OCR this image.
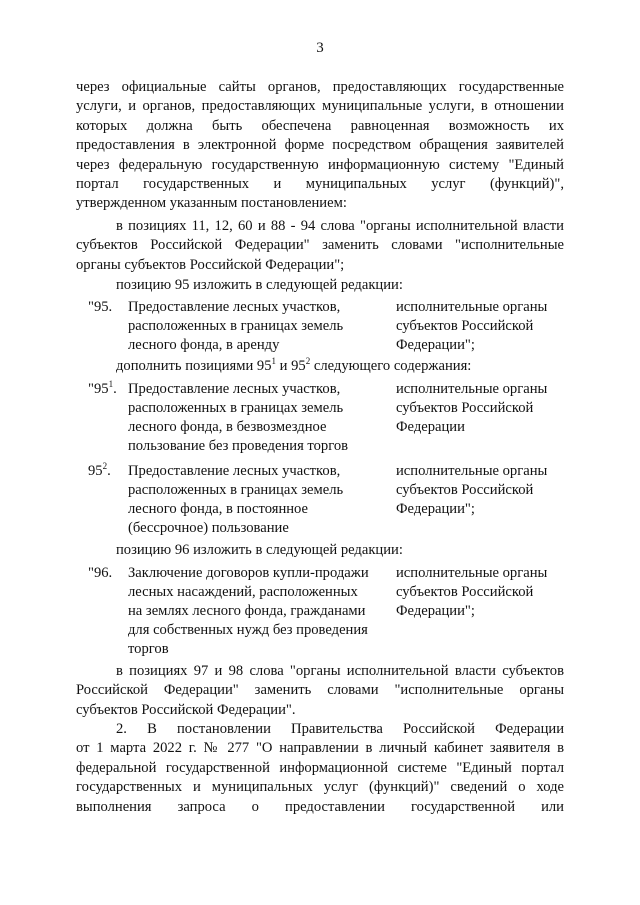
3
через официальные сайты органов, предоставляющих государственные
услуги, и органов, предоставляющих муниципальные услуги, в отношении
которых должна быть обеспечена равноценная возможность их
предоставления в электронной форме посредством обращения заявителей
через федеральную государственную информационную систему "Единый
портал государственных и муниципальных услуг (функций)",
утвержденном указанным постановлением:
в позициях 11, 12, 60 и 88 - 94 слова "органы исполнительной власти
субъектов Российской Федерации" заменить словами "исполнительные
органы субъектов Российской Федерации";
позицию 95 изложить в следующей редакции:
"95. Предоставление лесных участков,
расположенных в границах земель
лесного фонда, в аренду
исполнительные органы
субъектов Российской
Федерации";
дополнить позициями $95^1$ и $95^2$ следующего содержания:
"$95^1$. Предоставление лесных участков,
расположенных в границах земель
лесного фонда, в безвозмездное
пользование без проведения торгов
исполнительные органы
субъектов Российской
Федерации
$95^2$. Предоставление лесных участков,
расположенных в границах земель
лесного фонда, в постоянное
(бессрочное) пользование
исполнительные органы
субъектов Российской
Федерации";
позицию 96 изложить в следующей редакции:
"96. Заключение договоров купли-продажи
лесных насаждений, расположенных
на землях лесного фонда, гражданами
для собственных нужд без проведения
торгов
исполнительные органы
субъектов Российской
Федерации";
в позициях 97 и 98 слова "органы исполнительной власти субъектов
Российской Федерации" заменить словами "исполнительные органы
субъектов Российской Федерации".
2. В постановлении Правительства Российской Федерации
от 1 марта 2022 г. № 277 "О направлении в личный кабинет заявителя в
федеральной государственной информационной системе "Единый портал
государственных и муниципальных услуг (функций)" сведений о ходе
выполнения запроса о предоставлении государственной или
